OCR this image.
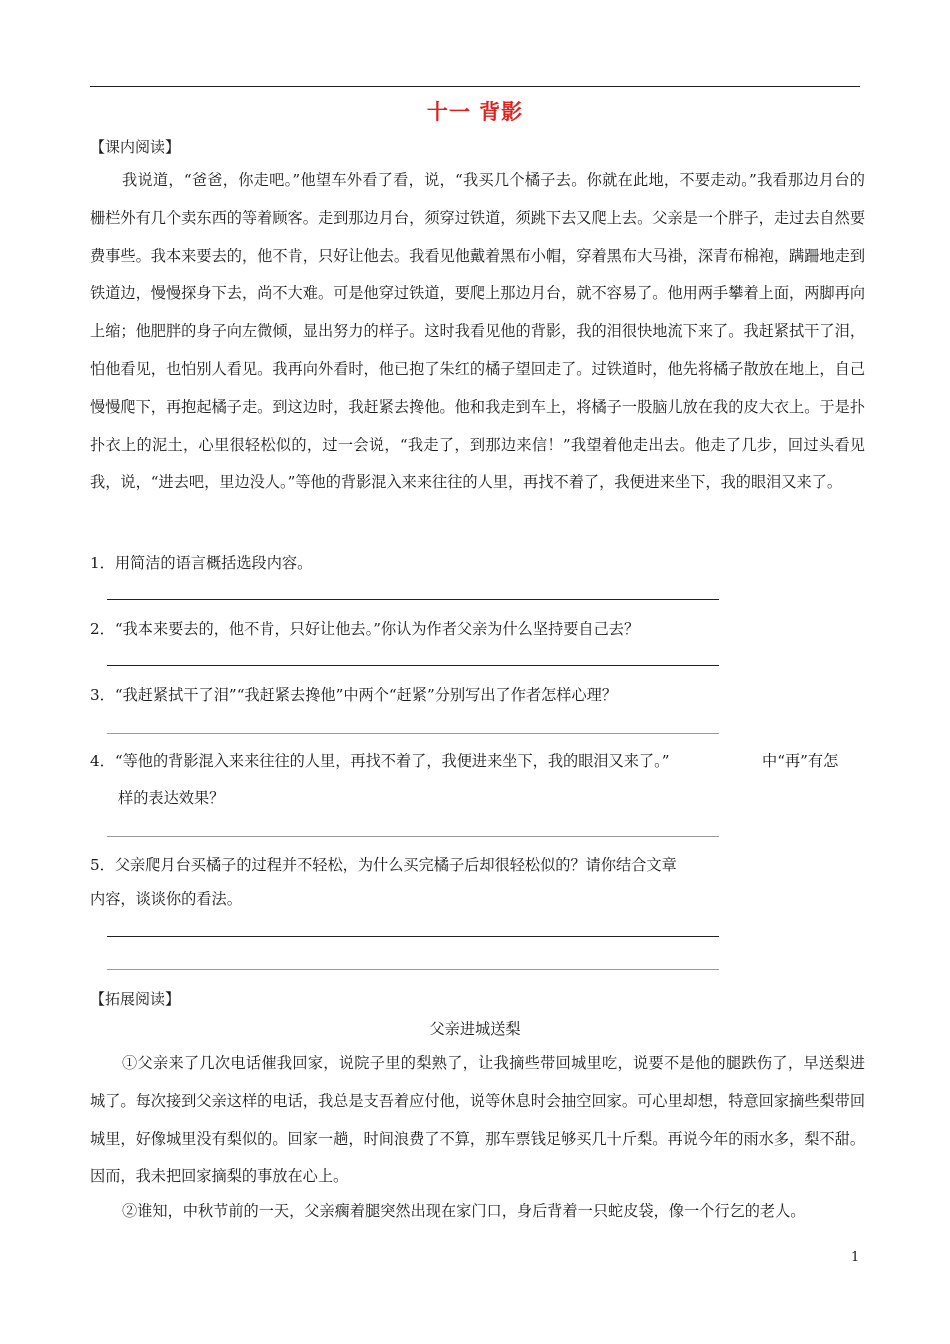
十一 背影
【课内阅读】
我说道，“爸爸，你走吧。”他望车外看了看，说，“我买几个橘子去。你就在此地，不要走动。”我看那边月台的栅栏外有几个卖东西的等着顾客。走到那边月台，须穿过铁道，须跳下去又爬上去。父亲是一个胖子，走过去自然要费事些。我本来要去的，他不肯，只好让他去。我看见他戴着黑布小帽，穿着黑布大马褂，深青布棉袍，蹒跚地走到铁道边，慢慢探身下去，尚不大难。可是他穿过铁道，要爬上那边月台，就不容易了。他用两手攀着上面，两脚再向上缩；他肥胖的身子向左微倾，显出努力的样子。这时我看见他的背影，我的泪很快地流下来了。我赶紧拭干了泪，怕他看见，也怕别人看见。我再向外看时，他已抱了朱红的橘子望回走了。过铁道时，他先将橘子散放在地上，自己慢慢爬下，再抱起橘子走。到这边时，我赶紧去搀他。他和我走到车上，将橘子一股脑儿放在我的皮大衣上。于是扑扑衣上的泥土，心里很轻松似的，过一会说，“我走了，到那边来信！”我望着他走出去。他走了几步，回过头看见我，说，“进去吧，里边没人。”等他的背影混入来来往往的人里，再找不着了，我便进来坐下，我的眼泪又来了。
1．用简洁的语言概括选段内容。
2．“我本来要去的，他不肯，只好让他去。”你认为作者父亲为什么坚持要自己去？
3．“我赶紧拭干了泪”“我赶紧去搀他”中两个“赶紧”分别写出了作者怎样心理？
4．“等他的背影混入来来往往的人里，再找不着了，我便进来坐下，我的眼泪又来了。”	中“再”有怎
样的表达效果？
5．父亲爬月台买橘子的过程并不轻松，为什么买完橘子后却很轻松似的？请你结合文章
内容，谈谈你的看法。
【拓展阅读】
父亲进城送梨
①父亲来了几次电话催我回家，说院子里的梨熟了，让我摘些带回城里吃，说要不是他的腿跌伤了，早送梨进城了。每次接到父亲这样的电话，我总是支吾着应付他，说等休息时会抽空回家。可心里却想，特意回家摘些梨带回城里，好像城里没有梨似的。回家一趟，时间浪费了不算，那车票钱足够买几十斤梨。再说今年的雨水多，梨不甜。因而，我未把回家摘梨的事放在心上。
②谁知，中秋节前的一天，父亲瘸着腿突然出现在家门口，身后背着一只蛇皮袋，像一个行乞的老人。
1
